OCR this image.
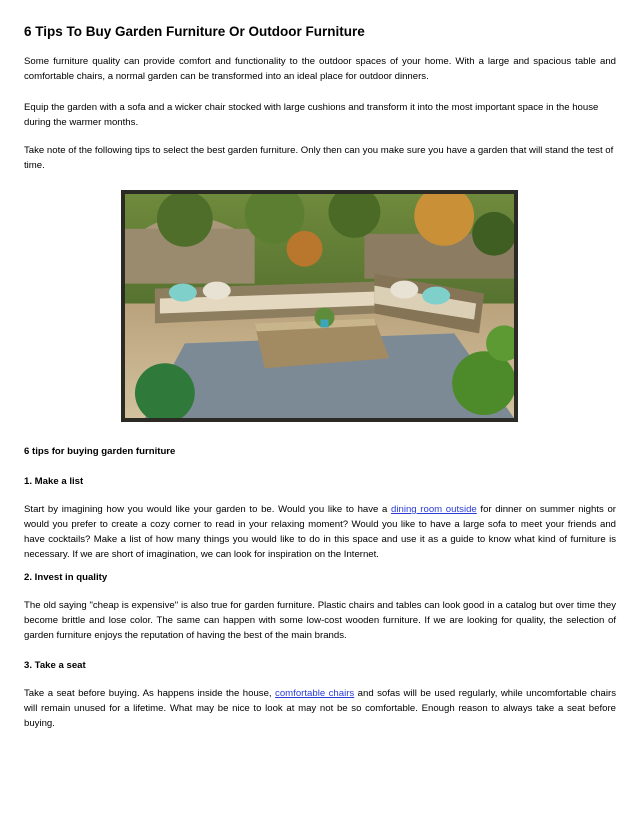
6 Tips To Buy Garden Furniture Or Outdoor Furniture

Some furniture quality can provide comfort and functionality to the outdoor spaces of your home. With a large and spacious table and comfortable chairs, a normal garden can be transformed into an ideal place for outdoor dinners.

Equip the garden with a sofa and a wicker chair stocked with large cushions and transform it into the most important space in the house during the warmer months.

Take note of the following tips to select the best garden furniture. Only then can you make sure you have a garden that will stand the test of time.

6 tips for buying garden furniture

1. Make a list

Start by imagining how you would like your garden to be. Would you like to have a dining room outside for dinner on summer nights or would you prefer to create a cozy corner to read in your relaxing moment? Would you like to have a large sofa to meet your friends and have cocktails? Make a list of how many things you would like to do in this space and use it as a guide to know what kind of furniture is necessary. If we are short of imagination, we can look for inspiration on the Internet.

2. Invest in quality

The old saying "cheap is expensive" is also true for garden furniture. Plastic chairs and tables can look good in a catalog but over time they become brittle and lose color. The same can happen with some low-cost wooden furniture. If we are looking for quality, the selection of garden furniture enjoys the reputation of having the best of the main brands.

3. Take a seat

Take a seat before buying. As happens inside the house, comfortable chairs and sofas will be used regularly, while uncomfortable chairs will remain unused for a lifetime. What may be nice to look at may not be so comfortable. Enough reason to always take a seat before buying.
